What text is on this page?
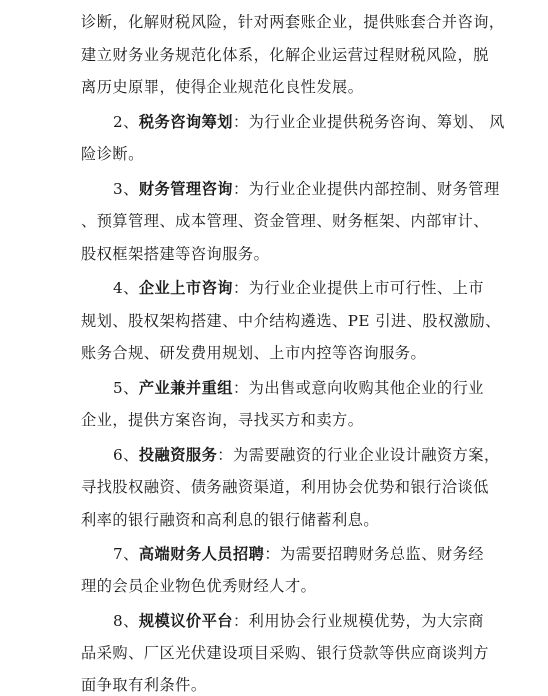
诊断，化解财税风险，针对两套账企业，提供账套合并咨询，
建立财务业务规范化体系，化解企业运营过程财税风险，脱
离历史原罪，使得企业规范化良性发展。
2、税务咨询筹划：为行业企业提供税务咨询、筹划、 风
险诊断。
3、财务管理咨询：为行业企业提供内部控制、财务管理
、预算管理、成本管理、资金管理、财务框架、内部审计、
股权框架搭建等咨询服务。
4、企业上市咨询：为行业企业提供上市可行性、上市
规划、股权架构搭建、中介结构遴选、PE 引进、股权激励、
账务合规、研发费用规划、上市内控等咨询服务。
5、产业兼并重组：为出售或意向收购其他企业的行业
企业，提供方案咨询，寻找买方和卖方。
6、投融资服务：为需要融资的行业企业设计融资方案，
寻找股权融资、债务融资渠道，利用协会优势和银行洽谈低
利率的银行融资和高利息的银行储蓄利息。
7、高端财务人员招聘：为需要招聘财务总监、财务经
理的会员企业物色优秀财经人才。
8、规模议价平台：利用协会行业规模优势，为大宗商
品采购、厂区光伏建设项目采购、银行贷款等供应商谈判方
面争取有利条件。
